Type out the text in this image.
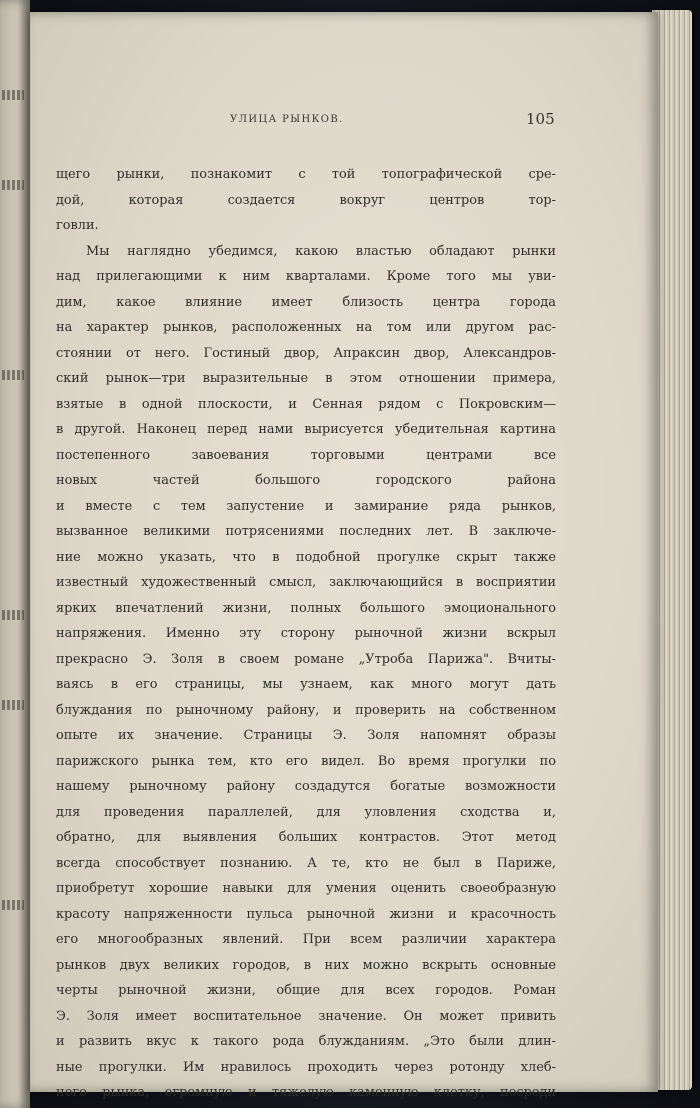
УЛИЦА РЫНКОВ.	105
щего рынки, познакомит с той топографической сре-
дой, которая создается вокруг центров тор-
говли.
Мы наглядно убедимся, какою властью обладают рынки
над прилегающими к ним кварталами. Кроме того мы уви-
дим, какое влияние имеет близость центра города
на характер рынков, расположенных на том или другом рас-
стоянии от него. Гостиный двор, Апраксин двор, Александров-
ский рынок—три выразительные в этом отношении примера,
взятые в одной плоскости, и Сенная рядом с Покровским—
в другой. Наконец перед нами вырисуется убедительная картина
постепенного завоевания торговыми центрами все
новых частей большого городского района
и вместе с тем запустение и замирание ряда рынков,
вызванное великими потрясениями последних лет. В заключе-
ние можно указать, что в подобной прогулке скрыт также
известный художественный смысл, заключающийся в восприятии
ярких впечатлений жизни, полных большого эмоционального
напряжения. Именно эту сторону рыночной жизни вскрыл
прекрасно Э. Золя в своем романе „Утроба Парижа". Вчиты-
ваясь в его страницы, мы узнаем, как много могут дать
блуждания по рыночному району, и проверить на собственном
опыте их значение. Страницы Э. Золя напомнят образы
парижского рынка тем, кто его видел. Во время прогулки по
нашему рыночному району создадутся богатые возможности
для проведения параллелей, для уловления сходства и,
обратно, для выявления больших контрастов. Этот метод
всегда способствует познанию. А те, кто не был в Париже,
приобретут хорошие навыки для умения оценить своеобразную
красоту напряженности пульса рыночной жизни и красочность
его многообразных явлений. При всем различии характера
рынков двух великих городов, в них можно вскрыть основные
черты рыночной жизни, общие для всех городов. Роман
Э. Золя имеет воспитательное значение. Он может привить
и развить вкус к такого рода блужданиям. „Это были длин-
ные прогулки. Им нравилось проходить через ротонду хлеб-
ного рынка, огромную и тяжелую каменную клетку, посреди
